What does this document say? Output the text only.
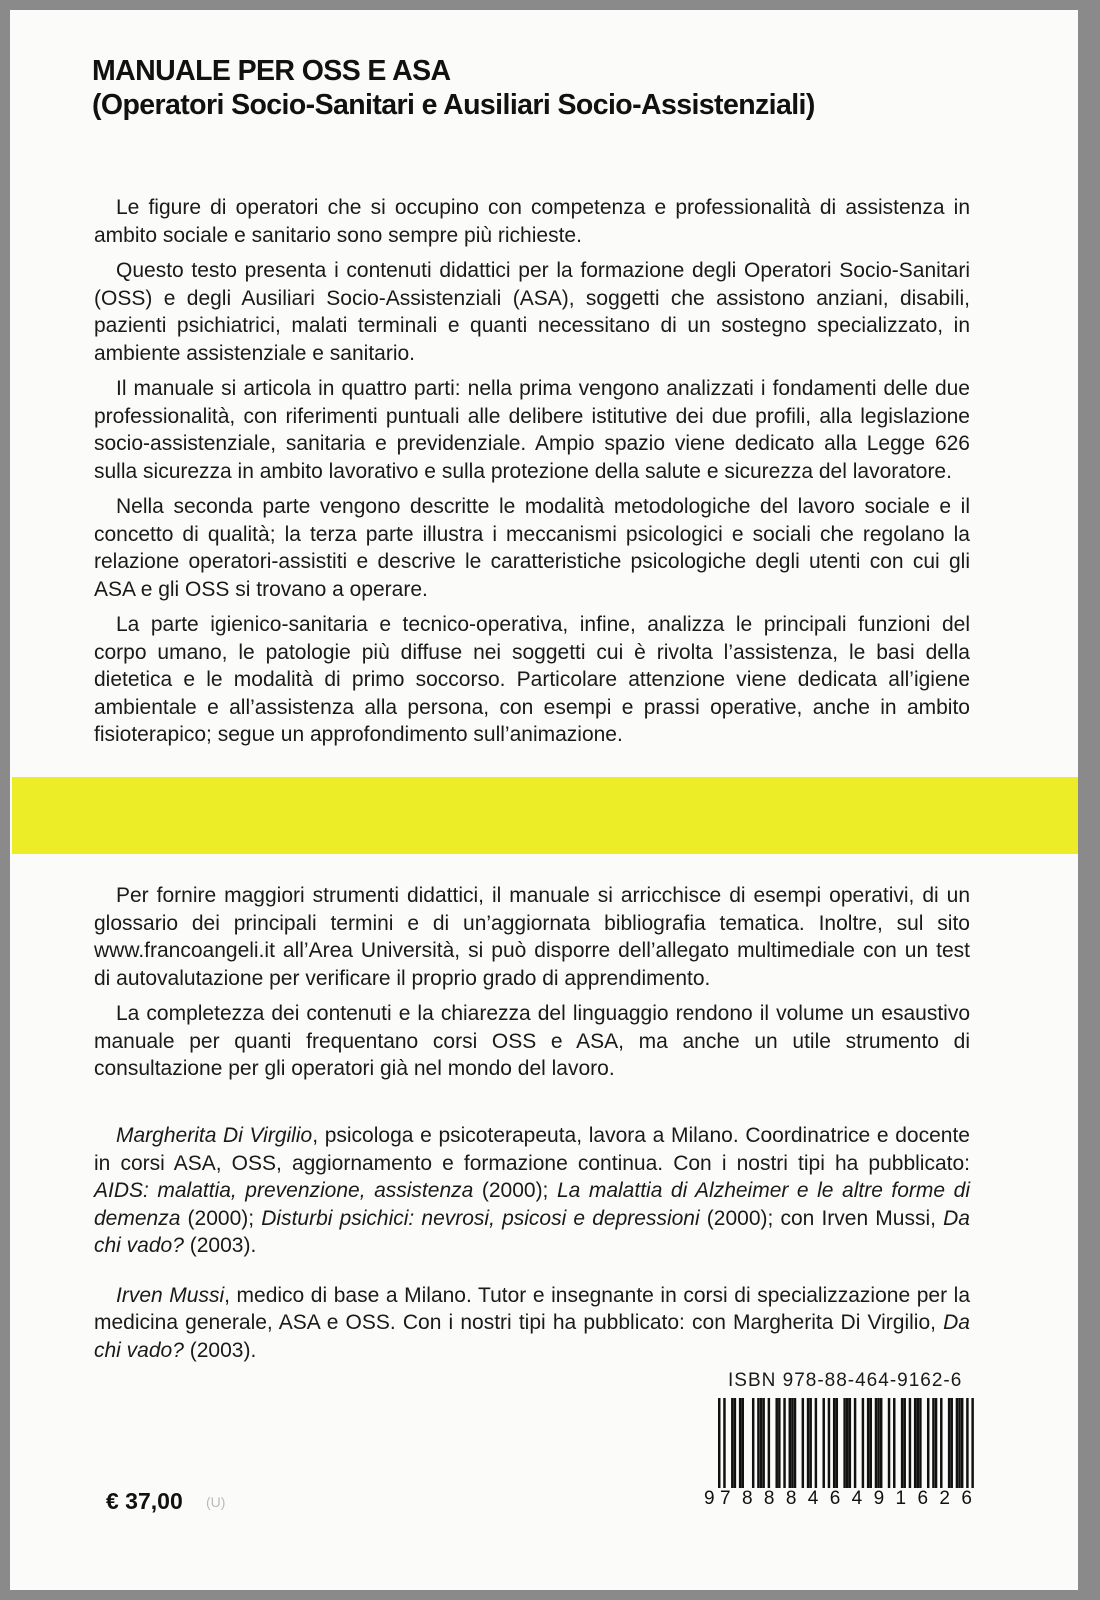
MANUALE PER OSS E ASA
(Operatori Socio-Sanitari e Ausiliari Socio-Assistenziali)

Le figure di operatori che si occupino con competenza e professionalità di assistenza in ambito sociale e sanitario sono sempre più richieste.

Questo testo presenta i contenuti didattici per la formazione degli Operatori Socio-Sanitari (OSS) e degli Ausiliari Socio-Assistenziali (ASA), soggetti che assistono anziani, disabili, pazienti psichiatrici, malati terminali e quanti necessitano di un sostegno specializzato, in ambiente assistenziale e sanitario.

Il manuale si articola in quattro parti: nella prima vengono analizzati i fondamenti delle due professionalità, con riferimenti puntuali alle delibere istitutive dei due profili, alla legislazione socio-assistenziale, sanitaria e previdenziale. Ampio spazio viene dedicato alla Legge 626 sulla sicurezza in ambito lavorativo e sulla protezione della salute e sicurezza del lavoratore.

Nella seconda parte vengono descritte le modalità metodologiche del lavoro sociale e il concetto di qualità; la terza parte illustra i meccanismi psicologici e sociali che regolano la relazione operatori-assistiti e descrive le caratteristiche psicologiche degli utenti con cui gli ASA e gli OSS si trovano a operare.

La parte igienico-sanitaria e tecnico-operativa, infine, analizza le principali funzioni del corpo umano, le patologie più diffuse nei soggetti cui è rivolta l’assistenza, le basi della dietetica e le modalità di primo soccorso. Particolare attenzione viene dedicata all’igiene ambientale e all’assistenza alla persona, con esempi e prassi operative, anche in ambito fisioterapico; segue un approfondimento sull’animazione.

Per fornire maggiori strumenti didattici, il manuale si arricchisce di esempi operativi, di un glossario dei principali termini e di un’aggiornata bibliografia tematica. Inoltre, sul sito www.francoangeli.it all’Area Università, si può disporre dell’allegato multimediale con un test di autovalutazione per verificare il proprio grado di apprendimento.

La completezza dei contenuti e la chiarezza del linguaggio rendono il volume un esaustivo manuale per quanti frequentano corsi OSS e ASA, ma anche un utile strumento di consultazione per gli operatori già nel mondo del lavoro.

Margherita Di Virgilio, psicologa e psicoterapeuta, lavora a Milano. Coordinatrice e docente in corsi ASA, OSS, aggiornamento e formazione continua. Con i nostri tipi ha pubblicato: AIDS: malattia, prevenzione, assistenza (2000); La malattia di Alzheimer e le altre forme di demenza (2000); Disturbi psichici: nevrosi, psicosi e depressioni (2000); con Irven Mussi, Da chi vado? (2003).

Irven Mussi, medico di base a Milano. Tutor e insegnante in corsi di specializzazione per la medicina generale, ASA e OSS. Con i nostri tipi ha pubblicato: con Margherita Di Virgilio, Da chi vado? (2003).

ISBN 978-88-464-9162-6
9 7 8 8 8 4 6 4 9 1 6 2 6
€ 37,00 (U)
